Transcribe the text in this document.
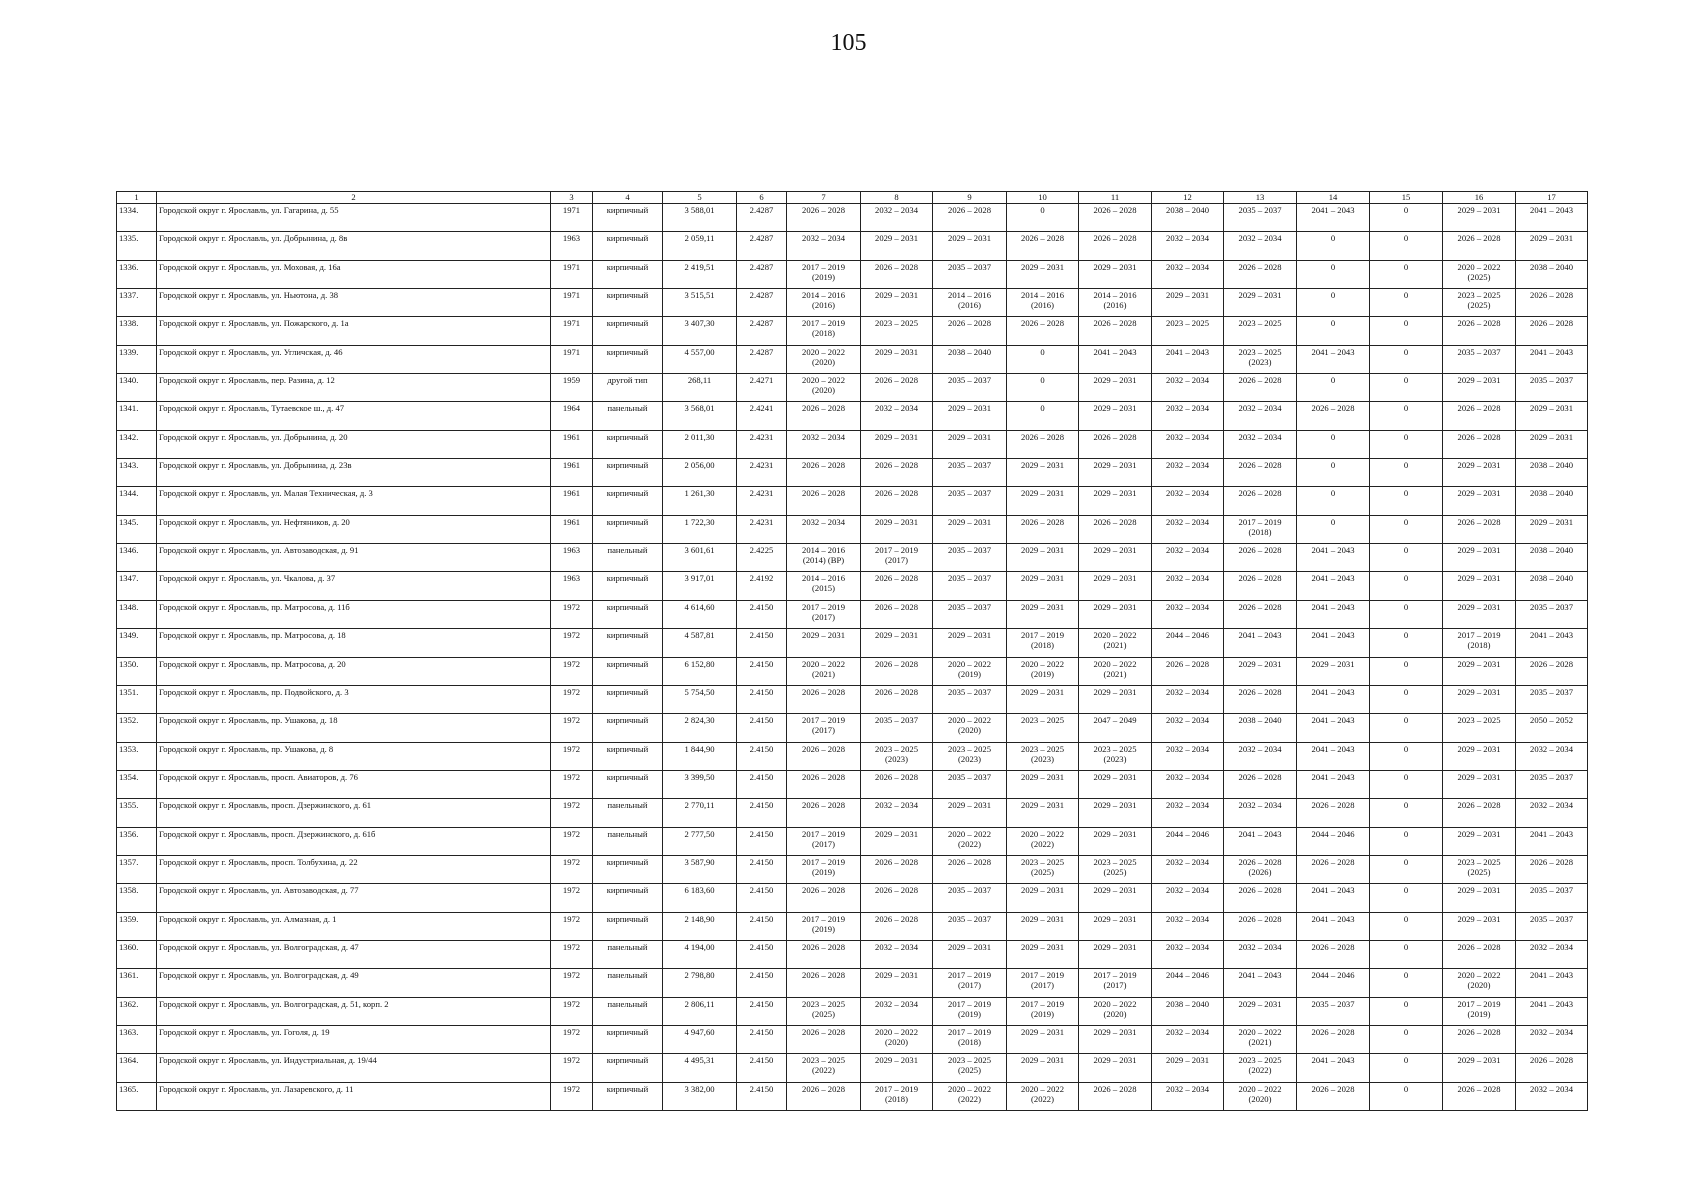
105
1	2	3	4	5	6	7	8	9	10	11	12	13	14	15	16	17

1334.	Городской округ г. Ярославль, ул. Гагарина, д. 55	1971	кирпичный	3 588,01	2.4287	2026 – 2028	2032 – 2034	2026 – 2028	0	2026 – 2028	2038 – 2040	2035 – 2037	2041 – 2043	0	2029 – 2031	2041 – 2043

1335.	Городской округ г. Ярославль, ул. Добрынина, д. 8в	1963	кирпичный	2 059,11	2.4287	2032 – 2034	2029 – 2031	2029 – 2031	2026 – 2028	2026 – 2028	2032 – 2034	2032 – 2034	0	0	2026 – 2028	2029 – 2031

1336.	Городской округ г. Ярославль, ул. Моховая, д. 16а	1971	кирпичный	2 419,51	2.4287	2017 – 2019
(2019)	2026 – 2028	2035 – 2037	2029 – 2031	2029 – 2031	2032 – 2034	2026 – 2028	0	0	2020 – 2022
(2025)	2038 – 2040

1337.	Городской округ г. Ярославль, ул. Ньютона, д. 38	1971	кирпичный	3 515,51	2.4287	2014 – 2016
(2016)	2029 – 2031	2014 – 2016
(2016)	2014 – 2016
(2016)	2014 – 2016
(2016)	2029 – 2031	2029 – 2031	0	0	2023 – 2025
(2025)	2026 – 2028

1338.	Городской округ г. Ярославль, ул. Пожарского, д. 1а	1971	кирпичный	3 407,30	2.4287	2017 – 2019
(2018)	2023 – 2025	2026 – 2028	2026 – 2028	2026 – 2028	2023 – 2025	2023 – 2025	0	0	2026 – 2028	2026 – 2028

1339.	Городской округ г. Ярославль, ул. Угличская, д. 46	1971	кирпичный	4 557,00	2.4287	2020 – 2022
(2020)	2029 – 2031	2038 – 2040	0	2041 – 2043	2041 – 2043	2023 – 2025
(2023)	2041 – 2043	0	2035 – 2037	2041 – 2043

1340.	Городской округ г. Ярославль, пер. Разина, д. 12	1959	другой тип	268,11	2.4271	2020 – 2022
(2020)	2026 – 2028	2035 – 2037	0	2029 – 2031	2032 – 2034	2026 – 2028	0	0	2029 – 2031	2035 – 2037

1341.	Городской округ г. Ярославль, Тутаевское ш., д. 47	1964	панельный	3 568,01	2.4241	2026 – 2028	2032 – 2034	2029 – 2031	0	2029 – 2031	2032 – 2034	2032 – 2034	2026 – 2028	0	2026 – 2028	2029 – 2031

1342.	Городской округ г. Ярославль, ул. Добрынина, д. 20	1961	кирпичный	2 011,30	2.4231	2032 – 2034	2029 – 2031	2029 – 2031	2026 – 2028	2026 – 2028	2032 – 2034	2032 – 2034	0	0	2026 – 2028	2029 – 2031

1343.	Городской округ г. Ярославль, ул. Добрынина, д. 23в	1961	кирпичный	2 056,00	2.4231	2026 – 2028	2026 – 2028	2035 – 2037	2029 – 2031	2029 – 2031	2032 – 2034	2026 – 2028	0	0	2029 – 2031	2038 – 2040

1344.	Городской округ г. Ярославль, ул. Малая Техническая, д. 3	1961	кирпичный	1 261,30	2.4231	2026 – 2028	2026 – 2028	2035 – 2037	2029 – 2031	2029 – 2031	2032 – 2034	2026 – 2028	0	0	2029 – 2031	2038 – 2040

1345.	Городской округ г. Ярославль, ул. Нефтяников, д. 20	1961	кирпичный	1 722,30	2.4231	2032 – 2034	2029 – 2031	2029 – 2031	2026 – 2028	2026 – 2028	2032 – 2034	2017 – 2019
(2018)	0	0	2026 – 2028	2029 – 2031

1346.	Городской округ г. Ярославль, ул. Автозаводская, д. 91	1963	панельный	3 601,61	2.4225	2014 – 2016
(2014) (ВР)	2017 – 2019
(2017)	2035 – 2037	2029 – 2031	2029 – 2031	2032 – 2034	2026 – 2028	2041 – 2043	0	2029 – 2031	2038 – 2040

1347.	Городской округ г. Ярославль, ул. Чкалова, д. 37	1963	кирпичный	3 917,01	2.4192	2014 – 2016
(2015)	2026 – 2028	2035 – 2037	2029 – 2031	2029 – 2031	2032 – 2034	2026 – 2028	2041 – 2043	0	2029 – 2031	2038 – 2040

1348.	Городской округ г. Ярославль, пр. Матросова, д. 11б	1972	кирпичный	4 614,60	2.4150	2017 – 2019
(2017)	2026 – 2028	2035 – 2037	2029 – 2031	2029 – 2031	2032 – 2034	2026 – 2028	2041 – 2043	0	2029 – 2031	2035 – 2037

1349.	Городской округ г. Ярославль, пр. Матросова, д. 18	1972	кирпичный	4 587,81	2.4150	2029 – 2031	2029 – 2031	2029 – 2031	2017 – 2019
(2018)	2020 – 2022
(2021)	2044 – 2046	2041 – 2043	2041 – 2043	0	2017 – 2019
(2018)	2041 – 2043

1350.	Городской округ г. Ярославль, пр. Матросова, д. 20	1972	кирпичный	6 152,80	2.4150	2020 – 2022
(2021)	2026 – 2028	2020 – 2022
(2019)	2020 – 2022
(2019)	2020 – 2022
(2021)	2026 – 2028	2029 – 2031	2029 – 2031	0	2029 – 2031	2026 – 2028

1351.	Городской округ г. Ярославль, пр. Подвойского, д. 3	1972	кирпичный	5 754,50	2.4150	2026 – 2028	2026 – 2028	2035 – 2037	2029 – 2031	2029 – 2031	2032 – 2034	2026 – 2028	2041 – 2043	0	2029 – 2031	2035 – 2037

1352.	Городской округ г. Ярославль, пр. Ушакова, д. 18	1972	кирпичный	2 824,30	2.4150	2017 – 2019
(2017)	2035 – 2037	2020 – 2022
(2020)	2023 – 2025	2047 – 2049	2032 – 2034	2038 – 2040	2041 – 2043	0	2023 – 2025	2050 – 2052

1353.	Городской округ г. Ярославль, пр. Ушакова, д. 8	1972	кирпичный	1 844,90	2.4150	2026 – 2028	2023 – 2025
(2023)	2023 – 2025
(2023)	2023 – 2025
(2023)	2023 – 2025
(2023)	2032 – 2034	2032 – 2034	2041 – 2043	0	2029 – 2031	2032 – 2034

1354.	Городской округ г. Ярославль, просп. Авиаторов, д. 76	1972	кирпичный	3 399,50	2.4150	2026 – 2028	2026 – 2028	2035 – 2037	2029 – 2031	2029 – 2031	2032 – 2034	2026 – 2028	2041 – 2043	0	2029 – 2031	2035 – 2037

1355.	Городской округ г. Ярославль, просп. Дзержинского, д. 61	1972	панельный	2 770,11	2.4150	2026 – 2028	2032 – 2034	2029 – 2031	2029 – 2031	2029 – 2031	2032 – 2034	2032 – 2034	2026 – 2028	0	2026 – 2028	2032 – 2034

1356.	Городской округ г. Ярославль, просп. Дзержинского, д. 61б	1972	панельный	2 777,50	2.4150	2017 – 2019
(2017)	2029 – 2031	2020 – 2022
(2022)	2020 – 2022
(2022)	2029 – 2031	2044 – 2046	2041 – 2043	2044 – 2046	0	2029 – 2031	2041 – 2043

1357.	Городской округ г. Ярославль, просп. Толбухина, д. 22	1972	кирпичный	3 587,90	2.4150	2017 – 2019
(2019)	2026 – 2028	2026 – 2028	2023 – 2025
(2025)	2023 – 2025
(2025)	2032 – 2034	2026 – 2028
(2026)	2026 – 2028	0	2023 – 2025
(2025)	2026 – 2028

1358.	Городской округ г. Ярославль, ул. Автозаводская, д. 77	1972	кирпичный	6 183,60	2.4150	2026 – 2028	2026 – 2028	2035 – 2037	2029 – 2031	2029 – 2031	2032 – 2034	2026 – 2028	2041 – 2043	0	2029 – 2031	2035 – 2037

1359.	Городской округ г. Ярославль, ул. Алмазная, д. 1	1972	кирпичный	2 148,90	2.4150	2017 – 2019
(2019)	2026 – 2028	2035 – 2037	2029 – 2031	2029 – 2031	2032 – 2034	2026 – 2028	2041 – 2043	0	2029 – 2031	2035 – 2037

1360.	Городской округ г. Ярославль, ул. Волгоградская, д. 47	1972	панельный	4 194,00	2.4150	2026 – 2028	2032 – 2034	2029 – 2031	2029 – 2031	2029 – 2031	2032 – 2034	2032 – 2034	2026 – 2028	0	2026 – 2028	2032 – 2034

1361.	Городской округ г. Ярославль, ул. Волгоградская, д. 49	1972	панельный	2 798,80	2.4150	2026 – 2028	2029 – 2031	2017 – 2019
(2017)	2017 – 2019
(2017)	2017 – 2019
(2017)	2044 – 2046	2041 – 2043	2044 – 2046	0	2020 – 2022
(2020)	2041 – 2043

1362.	Городской округ г. Ярославль, ул. Волгоградская, д. 51, корп. 2	1972	панельный	2 806,11	2.4150	2023 – 2025
(2025)	2032 – 2034	2017 – 2019
(2019)	2017 – 2019
(2019)	2020 – 2022
(2020)	2038 – 2040	2029 – 2031	2035 – 2037	0	2017 – 2019
(2019)	2041 – 2043

1363.	Городской округ г. Ярославль, ул. Гоголя, д. 19	1972	кирпичный	4 947,60	2.4150	2026 – 2028	2020 – 2022
(2020)	2017 – 2019
(2018)	2029 – 2031	2029 – 2031	2032 – 2034	2020 – 2022
(2021)	2026 – 2028	0	2026 – 2028	2032 – 2034

1364.	Городской округ г. Ярославль, ул. Индустриальная, д. 19/44	1972	кирпичный	4 495,31	2.4150	2023 – 2025
(2022)	2029 – 2031	2023 – 2025
(2025)	2029 – 2031	2029 – 2031	2029 – 2031	2023 – 2025
(2022)	2041 – 2043	0	2029 – 2031	2026 – 2028

1365.	Городской округ г. Ярославль, ул. Лазаревского, д. 11	1972	кирпичный	3 382,00	2.4150	2026 – 2028	2017 – 2019
(2018)	2020 – 2022
(2022)	2020 – 2022
(2022)	2026 – 2028	2032 – 2034	2020 – 2022
(2020)	2026 – 2028	0	2026 – 2028	2032 – 2034
